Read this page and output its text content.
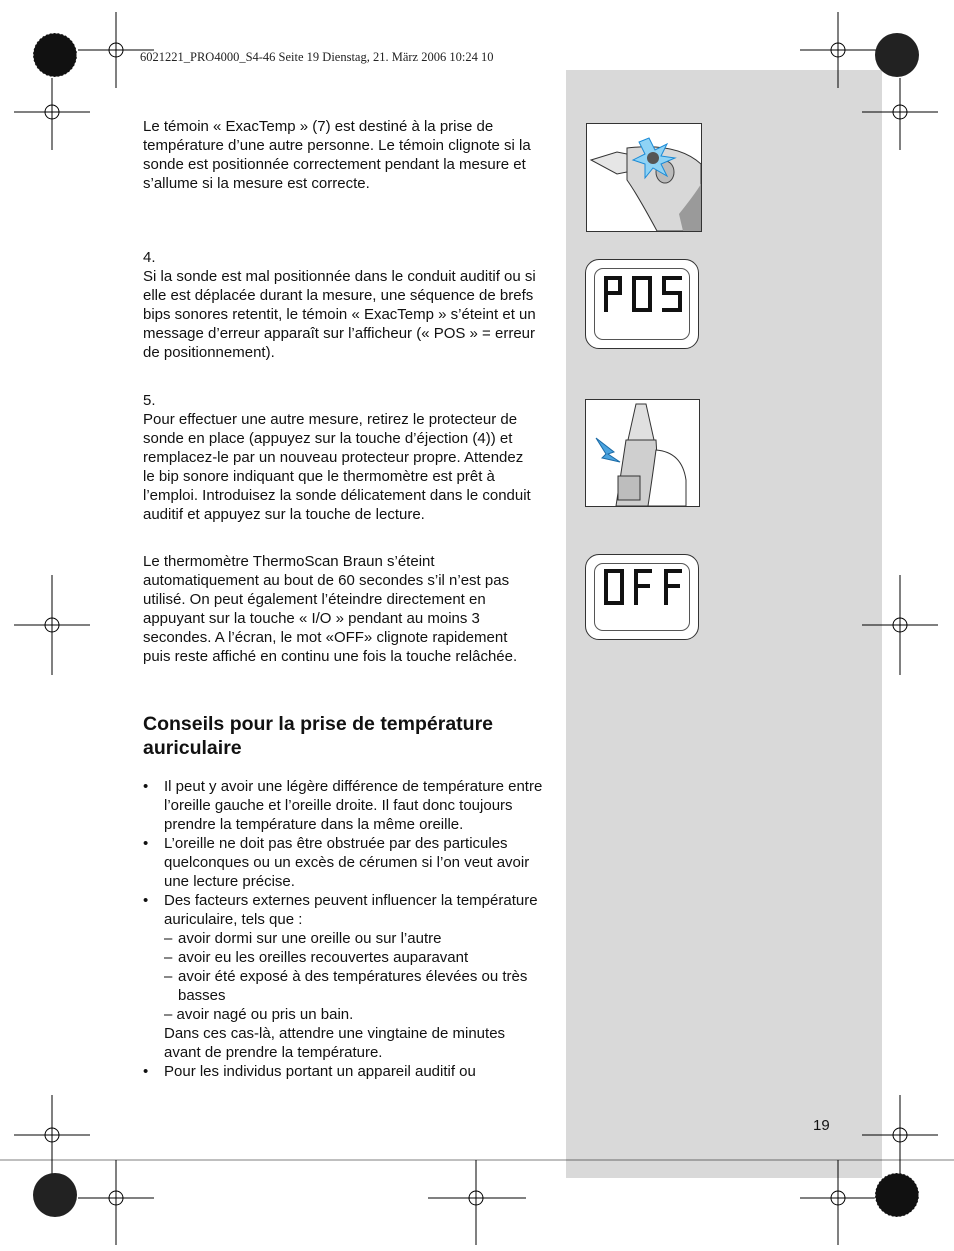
6021221_PRO4000_S4-46 Seite 19 Dienstag, 21. März 2006 10:24 10

Le témoin « ExacTemp » (7) est destiné à la prise de température d’une autre personne. Le témoin clignote si la sonde est positionnée correctement pendant la mesure et s’allume si la mesure est correcte.

4.
Si la sonde est mal positionnée dans le conduit auditif ou si elle est déplacée durant la mesure, une séquence de brefs bips sonores retentit, le témoin « ExacTemp » s’éteint et un message d’erreur apparaît sur l’afficheur (« POS » = erreur de positionnement).
5.
Pour effectuer une autre mesure, retirez le protecteur de sonde en place (appuyez sur la touche d’éjection (4)) et remplacez-le par un nouveau protecteur propre. Attendez le bip sonore indiquant que le thermomètre est prêt à l’emploi. Introduisez la sonde délicatement dans le conduit auditif et appuyez sur la touche de lecture.

Le thermomètre ThermoScan Braun s’éteint automatiquement au bout de 60 secondes s’il n’est pas utilisé. On peut également l’éteindre directement en appuyant sur la touche « I/O » pendant au moins 3 secondes. A l’écran, le mot «OFF» clignote rapidement puis reste affiché en continu une fois la touche relâchée.

Conseils pour la prise de température auriculaire
• Il peut y avoir une légère différence de température entre l’oreille gauche et l’oreille droite. Il faut donc toujours prendre la température dans la même oreille.
• L’oreille ne doit pas être obstruée par des particules quelconques ou un excès de cérumen si l’on veut avoir une lecture précise.
• Des facteurs externes peuvent influencer la température auriculaire, tels que :
– avoir dormi sur une oreille ou sur l’autre
– avoir eu les oreilles recouvertes auparavant
– avoir été exposé à des températures élevées ou très basses
– avoir nagé ou pris un bain.
Dans ces cas-là, attendre une vingtaine de minutes avant de prendre la température.
• Pour les individus portant un appareil auditif ou
19
